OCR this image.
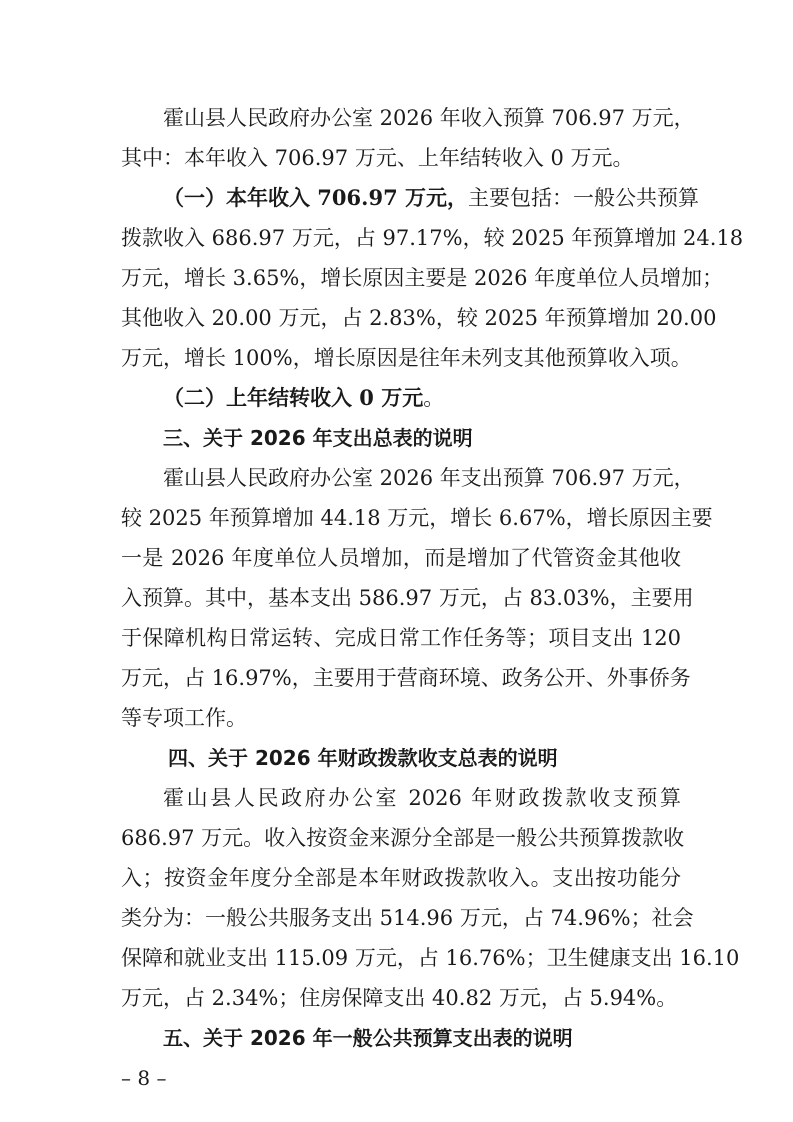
霍山县人民政府办公室 2026 年收入预算 706.97 万元，

其中：本年收入 706.97 万元、上年结转收入 0 万元。

（一）本年收入 706.97 万元，主要包括：一般公共预算

拨款收入 686.97 万元，占 97.17%，较 2025 年预算增加 24.18

万元，增长 3.65%，增长原因主要是 2026 年度单位人员增加；

其他收入 20.00 万元，占 2.83%，较 2025 年预算增加 20.00

万元，增长 100%，增长原因是往年未列支其他预算收入项。

（二）上年结转收入 0 万元。

三、关于 2026 年支出总表的说明

霍山县人民政府办公室 2026 年支出预算 706.97 万元，

较 2025 年预算增加 44.18 万元，增长 6.67%，增长原因主要

一是 2026 年度单位人员增加，而是增加了代管资金其他收

入预算。其中，基本支出 586.97 万元，占 83.03%，主要用

于保障机构日常运转、完成日常工作任务等；项目支出 120

万元，占 16.97%，主要用于营商环境、政务公开、外事侨务

等专项工作。

四、关于 2026 年财政拨款收支总表的说明

霍山县人民政府办公室 2026 年财政拨款收支预算

686.97 万元。收入按资金来源分全部是一般公共预算拨款收

入；按资金年度分全部是本年财政拨款收入。支出按功能分

类分为：一般公共服务支出 514.96 万元，占 74.96%；社会

保障和就业支出 115.09 万元，占 16.76%；卫生健康支出 16.10

万元，占 2.34%；住房保障支出 40.82 万元，占 5.94%。

五、关于 2026 年一般公共预算支出表的说明
– 8 –
